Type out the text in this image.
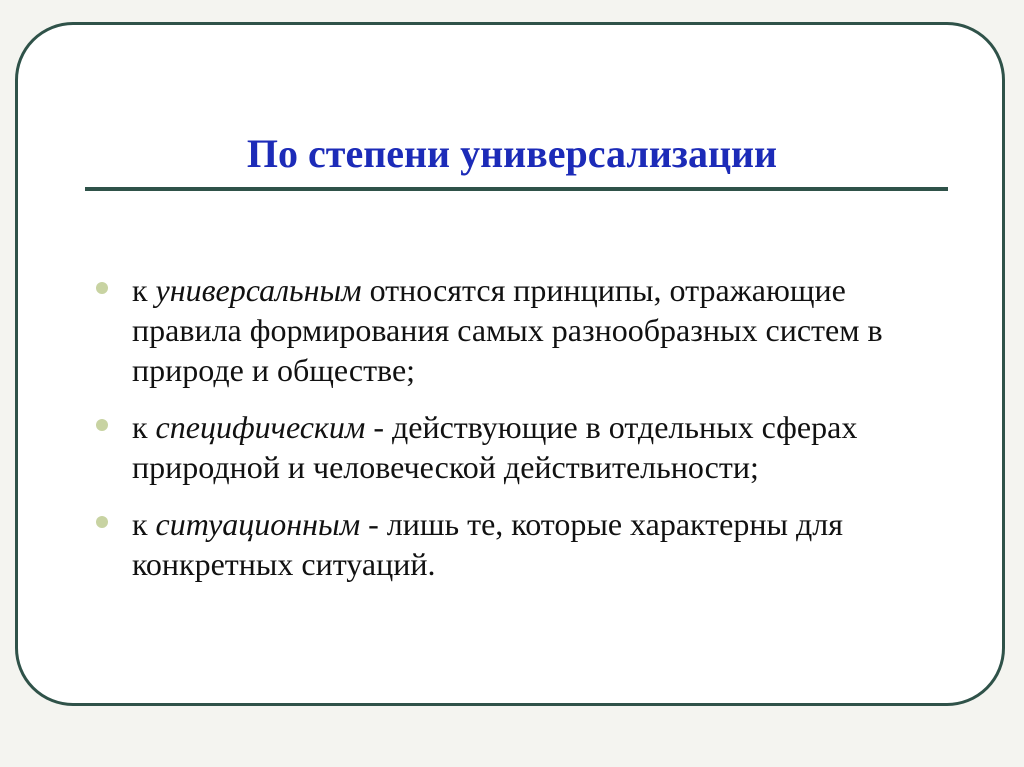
По степени универсализации
к универсальным относятся принципы, отражающие правила формирования самых разнообразных систем в природе и обществе;
к специфическим - действующие в отдельных сферах природной и человеческой действительности;
к ситуационным - лишь те, которые характерны для конкретных ситуаций.
